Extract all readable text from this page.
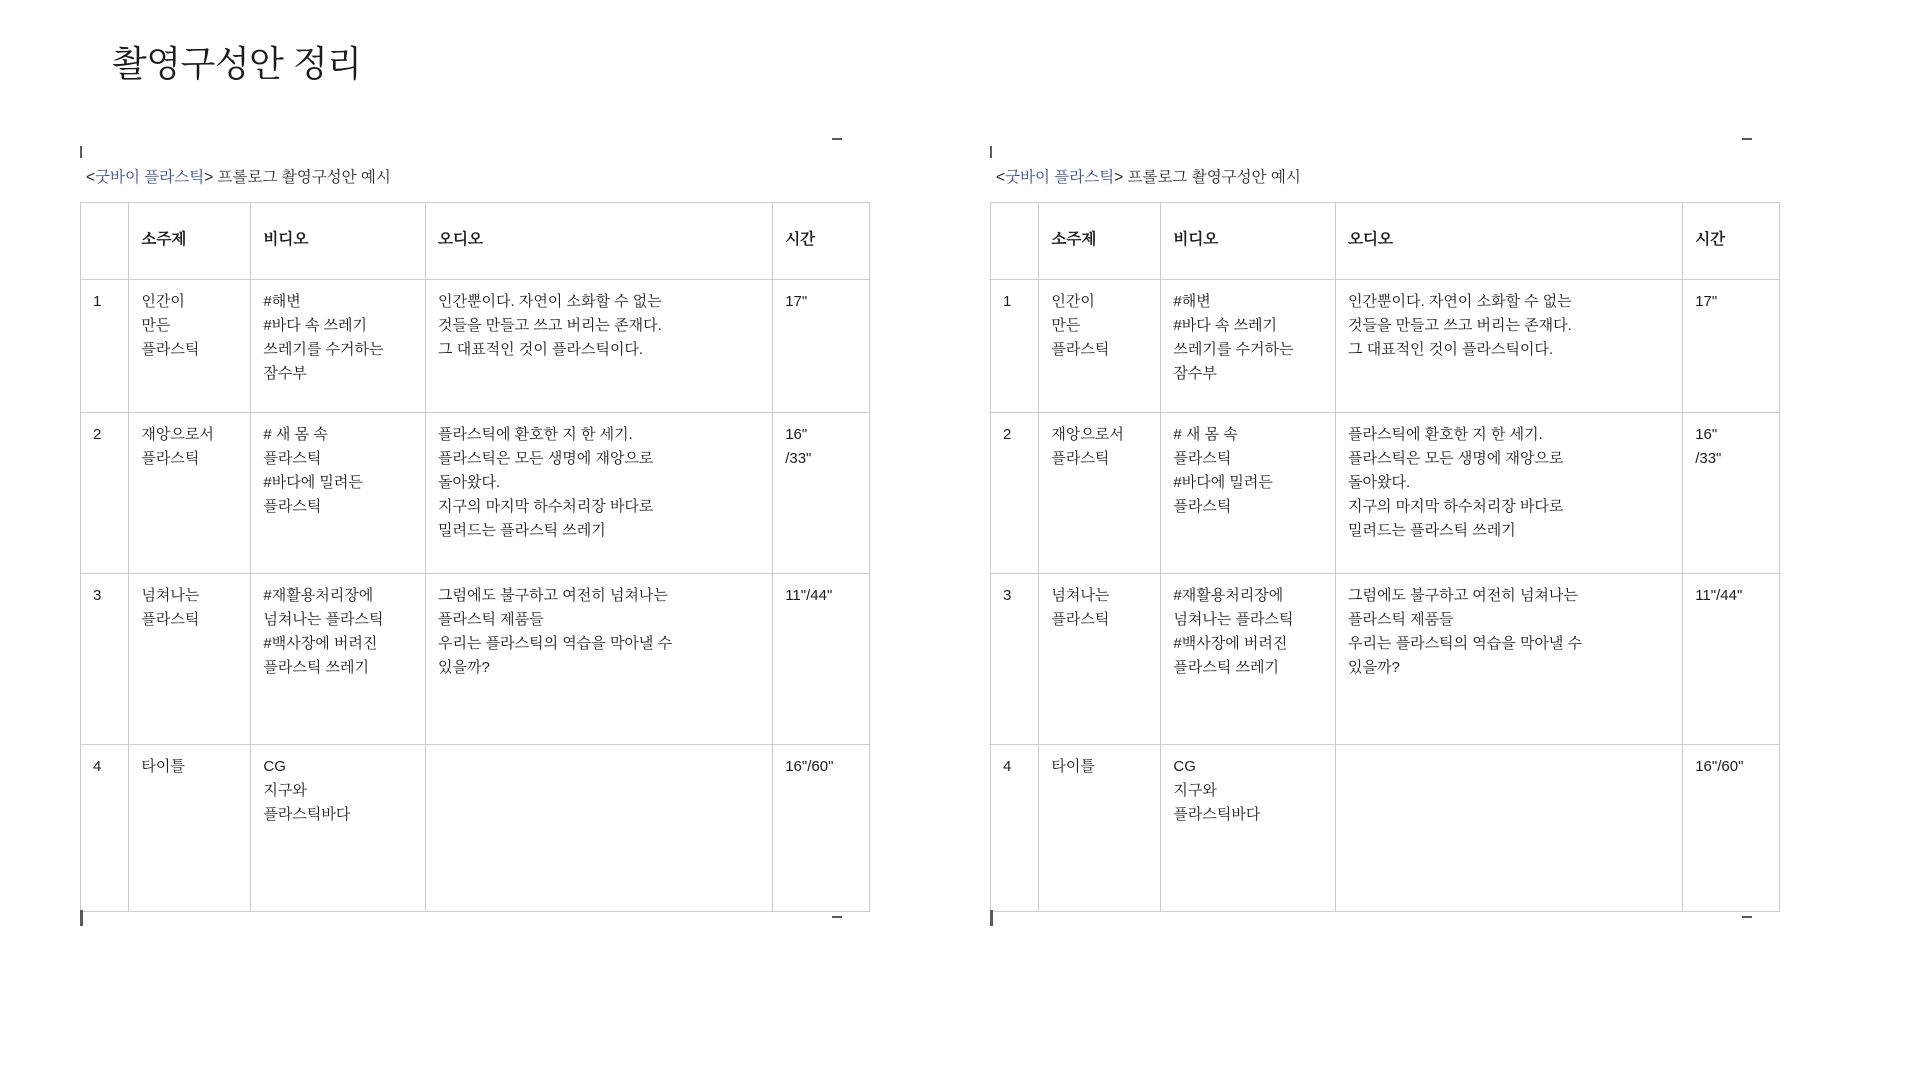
촬영구성안 정리

<굿바이 플라스틱> 프롤로그 촬영구성안 예시

	소주제	비디오	오디오	시간
1	인간이
만든
플라스틱	#해변
#바다 속 쓰레기
쓰레기를 수거하는
잠수부	인간뿐이다. 자연이 소화할 수 없는
것들을 만들고 쓰고 버리는 존재다.
그 대표적인 것이 플라스틱이다.	17"

2	재앙으로서
플라스틱	# 새 몸 속
플라스틱
#바다에 밀려든
플라스틱	플라스틱에 환호한 지 한 세기.
플라스틱은 모든 생명에 재앙으로
돌아왔다.
지구의 마지막 하수처리장 바다로
밀려드는 플라스틱 쓰레기	16"
/33"

3	넘쳐나는
플라스틱	#재활용처리장에
넘쳐나는 플라스틱
#백사장에 버려진
플라스틱 쓰레기	그럼에도 불구하고 여전히 넘쳐나는
플라스틱 제품들
우리는 플라스틱의 역습을 막아낼 수
있을까?	11"/44"

4	타이틀	CG
지구와
플라스틱바다		16"/60"

<굿바이 플라스틱> 프롤로그 촬영구성안 예시

	소주제	비디오	오디오	시간
1	인간이
만든
플라스틱	#해변
#바다 속 쓰레기
쓰레기를 수거하는
잠수부	인간뿐이다. 자연이 소화할 수 없는
것들을 만들고 쓰고 버리는 존재다.
그 대표적인 것이 플라스틱이다.	17"

2	재앙으로서
플라스틱	# 새 몸 속
플라스틱
#바다에 밀려든
플라스틱	플라스틱에 환호한 지 한 세기.
플라스틱은 모든 생명에 재앙으로
돌아왔다.
지구의 마지막 하수처리장 바다로
밀려드는 플라스틱 쓰레기	16"
/33"

3	넘쳐나는
플라스틱	#재활용처리장에
넘쳐나는 플라스틱
#백사장에 버려진
플라스틱 쓰레기	그럼에도 불구하고 여전히 넘쳐나는
플라스틱 제품들
우리는 플라스틱의 역습을 막아낼 수
있을까?	11"/44"

4	타이틀	CG
지구와
플라스틱바다		16"/60"
